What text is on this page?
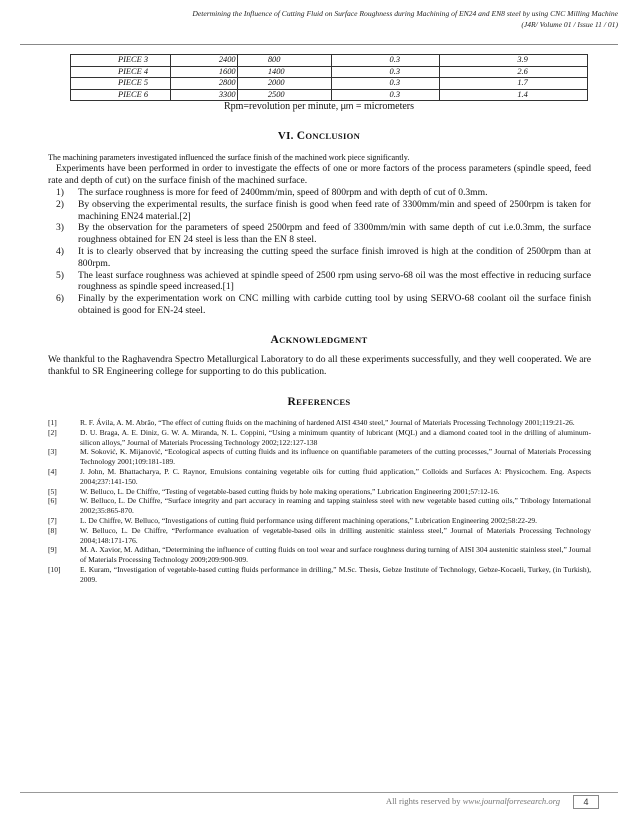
Determining the Influence of Cutting Fluid on Surface Roughness during Machining of EN24 and EN8 steel by using CNC Milling Machine
(J4R/ Volume 01 / Issue 11 / 01)
PIECE 3	2400	800	0.3	3.9
PIECE 4	1600	1400	0.3	2.6
PIECE 5	2800	2000	0.3	1.7
PIECE 6	3300	2500	0.3	1.4
Rpm=revolution per minute, µm = micrometers
VI. CONCLUSION
The machining parameters investigated influenced the surface finish of the machined work piece significantly.
Experiments have been performed in order to investigate the effects of one or more factors of the process parameters (spindle speed, feed rate and depth of cut) on the surface finish of the machined surface.
1) The surface roughness is more for feed of 2400mm/min, speed of 800rpm and with depth of cut of 0.3mm.
2) By observing the experimental results, the surface finish is good when feed rate of 3300mm/min and speed of 2500rpm is taken for machining EN24 material.[2]
3) By the observation for the parameters of speed 2500rpm and feed of 3300mm/min with same depth of cut i.e.0.3mm, the surface roughness obtained for EN 24 steel is less than the EN 8 steel.
4) It is to clearly observed that by increasing the cutting speed the surface finish imroved is high at the condition of 2500rpm than at 800rpm.
5) The least surface roughness was achieved at spindle speed of 2500 rpm using servo-68 oil was the most effective in reducing surface roughness as spindle speed increased.[1]
6) Finally by the experimentation work on CNC milling with carbide cutting tool by using SERVO-68 coolant oil the surface finish obtained is good for EN-24 steel.
ACKNOWLEDGMENT
We thankful to the Raghavendra Spectro Metallurgical Laboratory to do all these experiments successfully, and they well cooperated. We are thankful to SR Engineering college for supporting to do this publication.
REFERENCES
[1]	R. F. Ávila, A. M. Abrão, “The effect of cutting fluids on the machining of hardened AISI 4340 steel,” Journal of Materials Processing Technology 2001;119:21-26.
[2]	D. U. Braga, A. E. Diniz, G. W. A. Miranda, N. L. Coppini, “Using a minimum quantity of lubricant (MQL) and a diamond coated tool in the drilling of aluminum-silicon alloys,” Journal of Materials Processing Technology 2002;122:127-138
[3]	M. Soković, K. Mijanović, “Ecological aspects of cutting fluids and its influence on quantifiable parameters of the cutting processes,” Journal of Materials Processing Technology 2001;109:181-189.
[4]	J. John, M. Bhattacharya, P. C. Raynor, Emulsions containing vegetable oils for cutting fluid application,” Colloids and Surfaces A: Physicochem. Eng. Aspects 2004;237:141-150.
[5]	W. Belluco, L. De Chiffre, “Testing of vegetable-based cutting fluids by hole making operations,” Lubrication Engineering 2001;57:12-16.
[6]	W. Belluco, L. De Chiffre, “Surface integrity and part accuracy in reaming and tapping stainless steel with new vegetable based cutting oils,” Tribology International 2002;35:865-870.
[7]	L. De Chiffre, W. Belluco, “Investigations of cutting fluid performance using different machining operations,” Lubrication Engineering 2002;58:22-29.
[8]	W. Belluco, L. De Chiffre, “Performance evaluation of vegetable-based oils in drilling austenitic stainless steel,” Journal of Materials Processing Technology 2004;148:171-176.
[9]	M. A. Xavior, M. Adithan, “Determining the influence of cutting fluids on tool wear and surface roughness during turning of AISI 304 austenitic stainless steel,” Journal of Materials Processing Technology 2009;209:900-909.
[10]	E. Kuram, “Investigation of vegetable-based cutting fluids performance in drilling,” M.Sc. Thesis, Gebze Institute of Technology, Gebze-Kocaeli, Turkey, (in Turkish), 2009.
All rights reserved by www.journalforresearch.org	4
